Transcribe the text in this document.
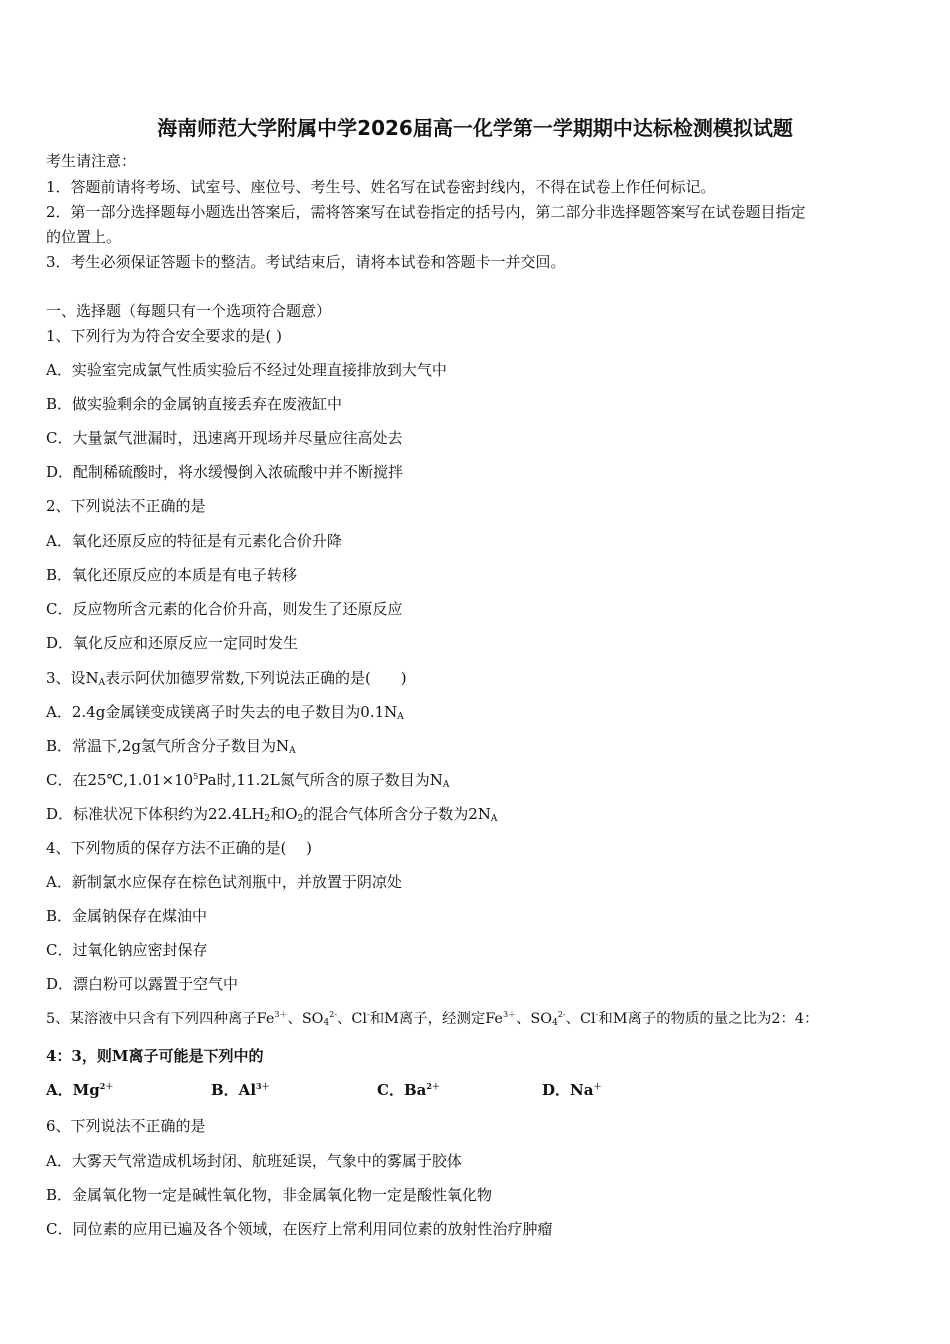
海南师范大学附属中学2026届高一化学第一学期期中达标检测模拟试题
考生请注意：
1．答题前请将考场、试室号、座位号、考生号、姓名写在试卷密封线内，不得在试卷上作任何标记。
2．第一部分选择题每小题选出答案后，需将答案写在试卷指定的括号内，第二部分非选择题答案写在试卷题目指定
的位置上。
3．考生必须保证答题卡的整洁。考试结束后，请将本试卷和答题卡一并交回。
一、选择题（每题只有一个选项符合题意）
1、下列行为为符合安全要求的是( )
A．实验室完成氯气性质实验后不经过处理直接排放到大气中
B．做实验剩余的金属钠直接丢弃在废液缸中
C．大量氯气泄漏时，迅速离开现场并尽量应往高处去
D．配制稀硫酸时，将水缓慢倒入浓硫酸中并不断搅拌
2、下列说法不正确的是
A．氧化还原反应的特征是有元素化合价升降
B．氧化还原反应的本质是有电子转移
C．反应物所含元素的化合价升高，则发生了还原反应
D．氧化反应和还原反应一定同时发生
3、设$N_A$表示阿伏加德罗常数,下列说法正确的是(　　)
A．2.4g金属镁变成镁离子时失去的电子数目为$0.1N_A$
B．常温下,2g氢气所含分子数目为$N_A$
C．在$25℃,1.01\times 10^5Pa$时,11.2L氮气所含的原子数目为$N_A$
D．标准状况下体积约为$22.4LH_2$和$O_2$的混合气体所含分子数为$2N_A$
4、下列物质的保存方法不正确的是(　 )
A．新制氯水应保存在棕色试剂瓶中，并放置于阴凉处
B．金属钠保存在煤油中
C．过氧化钠应密封保存
D．漂白粉可以露置于空气中
5、某溶液中只含有下列四种离子$Fe^{3+}$、$SO_4^{2-}$、Cl-和M离子，经测定$Fe^{3+}$、$SO_4^{2-}$、Cl-和M离子的物质的量之比为2：4：
4：3，则M离子可能是下列中的
A．$Mg^{2+}$	B．$Al^{3+}$	C．$Ba^{2+}$	D．Na＋
6、下列说法不正确的是
A．大雾天气常造成机场封闭、航班延误，气象中的雾属于胶体
B．金属氧化物一定是碱性氧化物，非金属氧化物一定是酸性氧化物
C．同位素的应用已遍及各个领域，在医疗上常利用同位素的放射性治疗肿瘤
